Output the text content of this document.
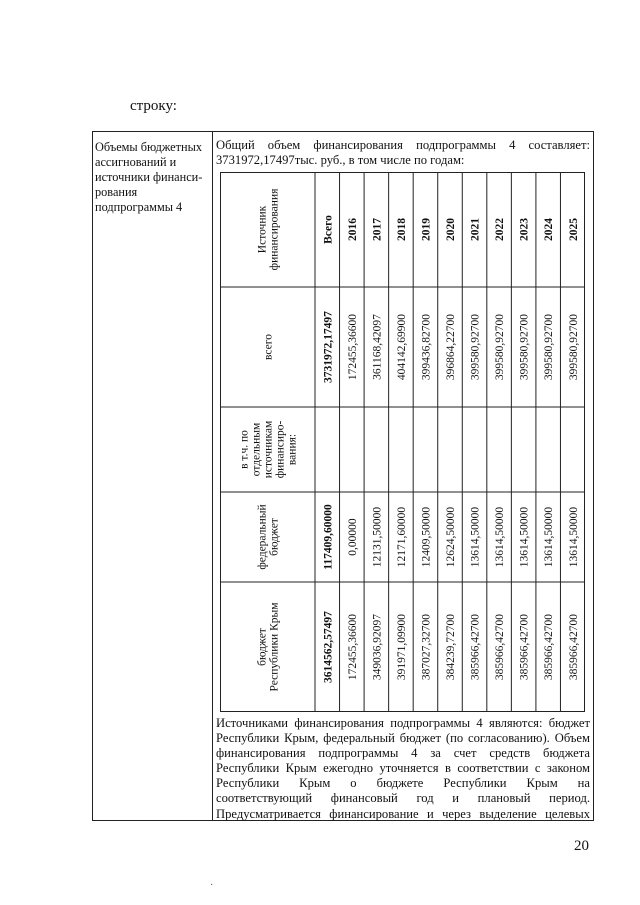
строку:
Объемы бюджетных
ассигнований и
источники финанси-
рования
подпрограммы 4
Общий объем финансирования подпрограммы 4 составляет:
3731972,17497тыс. руб., в том числе по годам:
Источникфинансирования
всего
в т.ч. поотдельнымисточникамфинансиро-вания:
федеральныйбюджет
бюджетРеспублики Крым
Всего
3731972,17497
117409,60000
3614562,57497
2016
172455,36600
0,00000
172455,36600
2017
361168,42097
12131,50000
349036,92097
2018
404142,69900
12171,60000
391971,09900
2019
399436,82700
12409,50000
387027,32700
2020
396864,22700
12624,50000
384239,72700
2021
399580,92700
13614,50000
385966,42700
2022
399580,92700
13614,50000
385966,42700
2023
399580,92700
13614,50000
385966,42700
2024
399580,92700
13614,50000
385966,42700
2025
399580,92700
13614,50000
385966,42700
Источниками финансирования подпрограммы 4 являются: бюджет
Республики Крым, федеральный бюджет (по согласованию). Объем
финансирования подпрограммы 4 за счет средств бюджета
Республики Крым ежегодно уточняется в соответствии с законом
Республики Крым о бюджете Республики Крым на
соответствующий финансовый год и плановый период.
Предусматривается финансирование и через выделение целевых
20
·
